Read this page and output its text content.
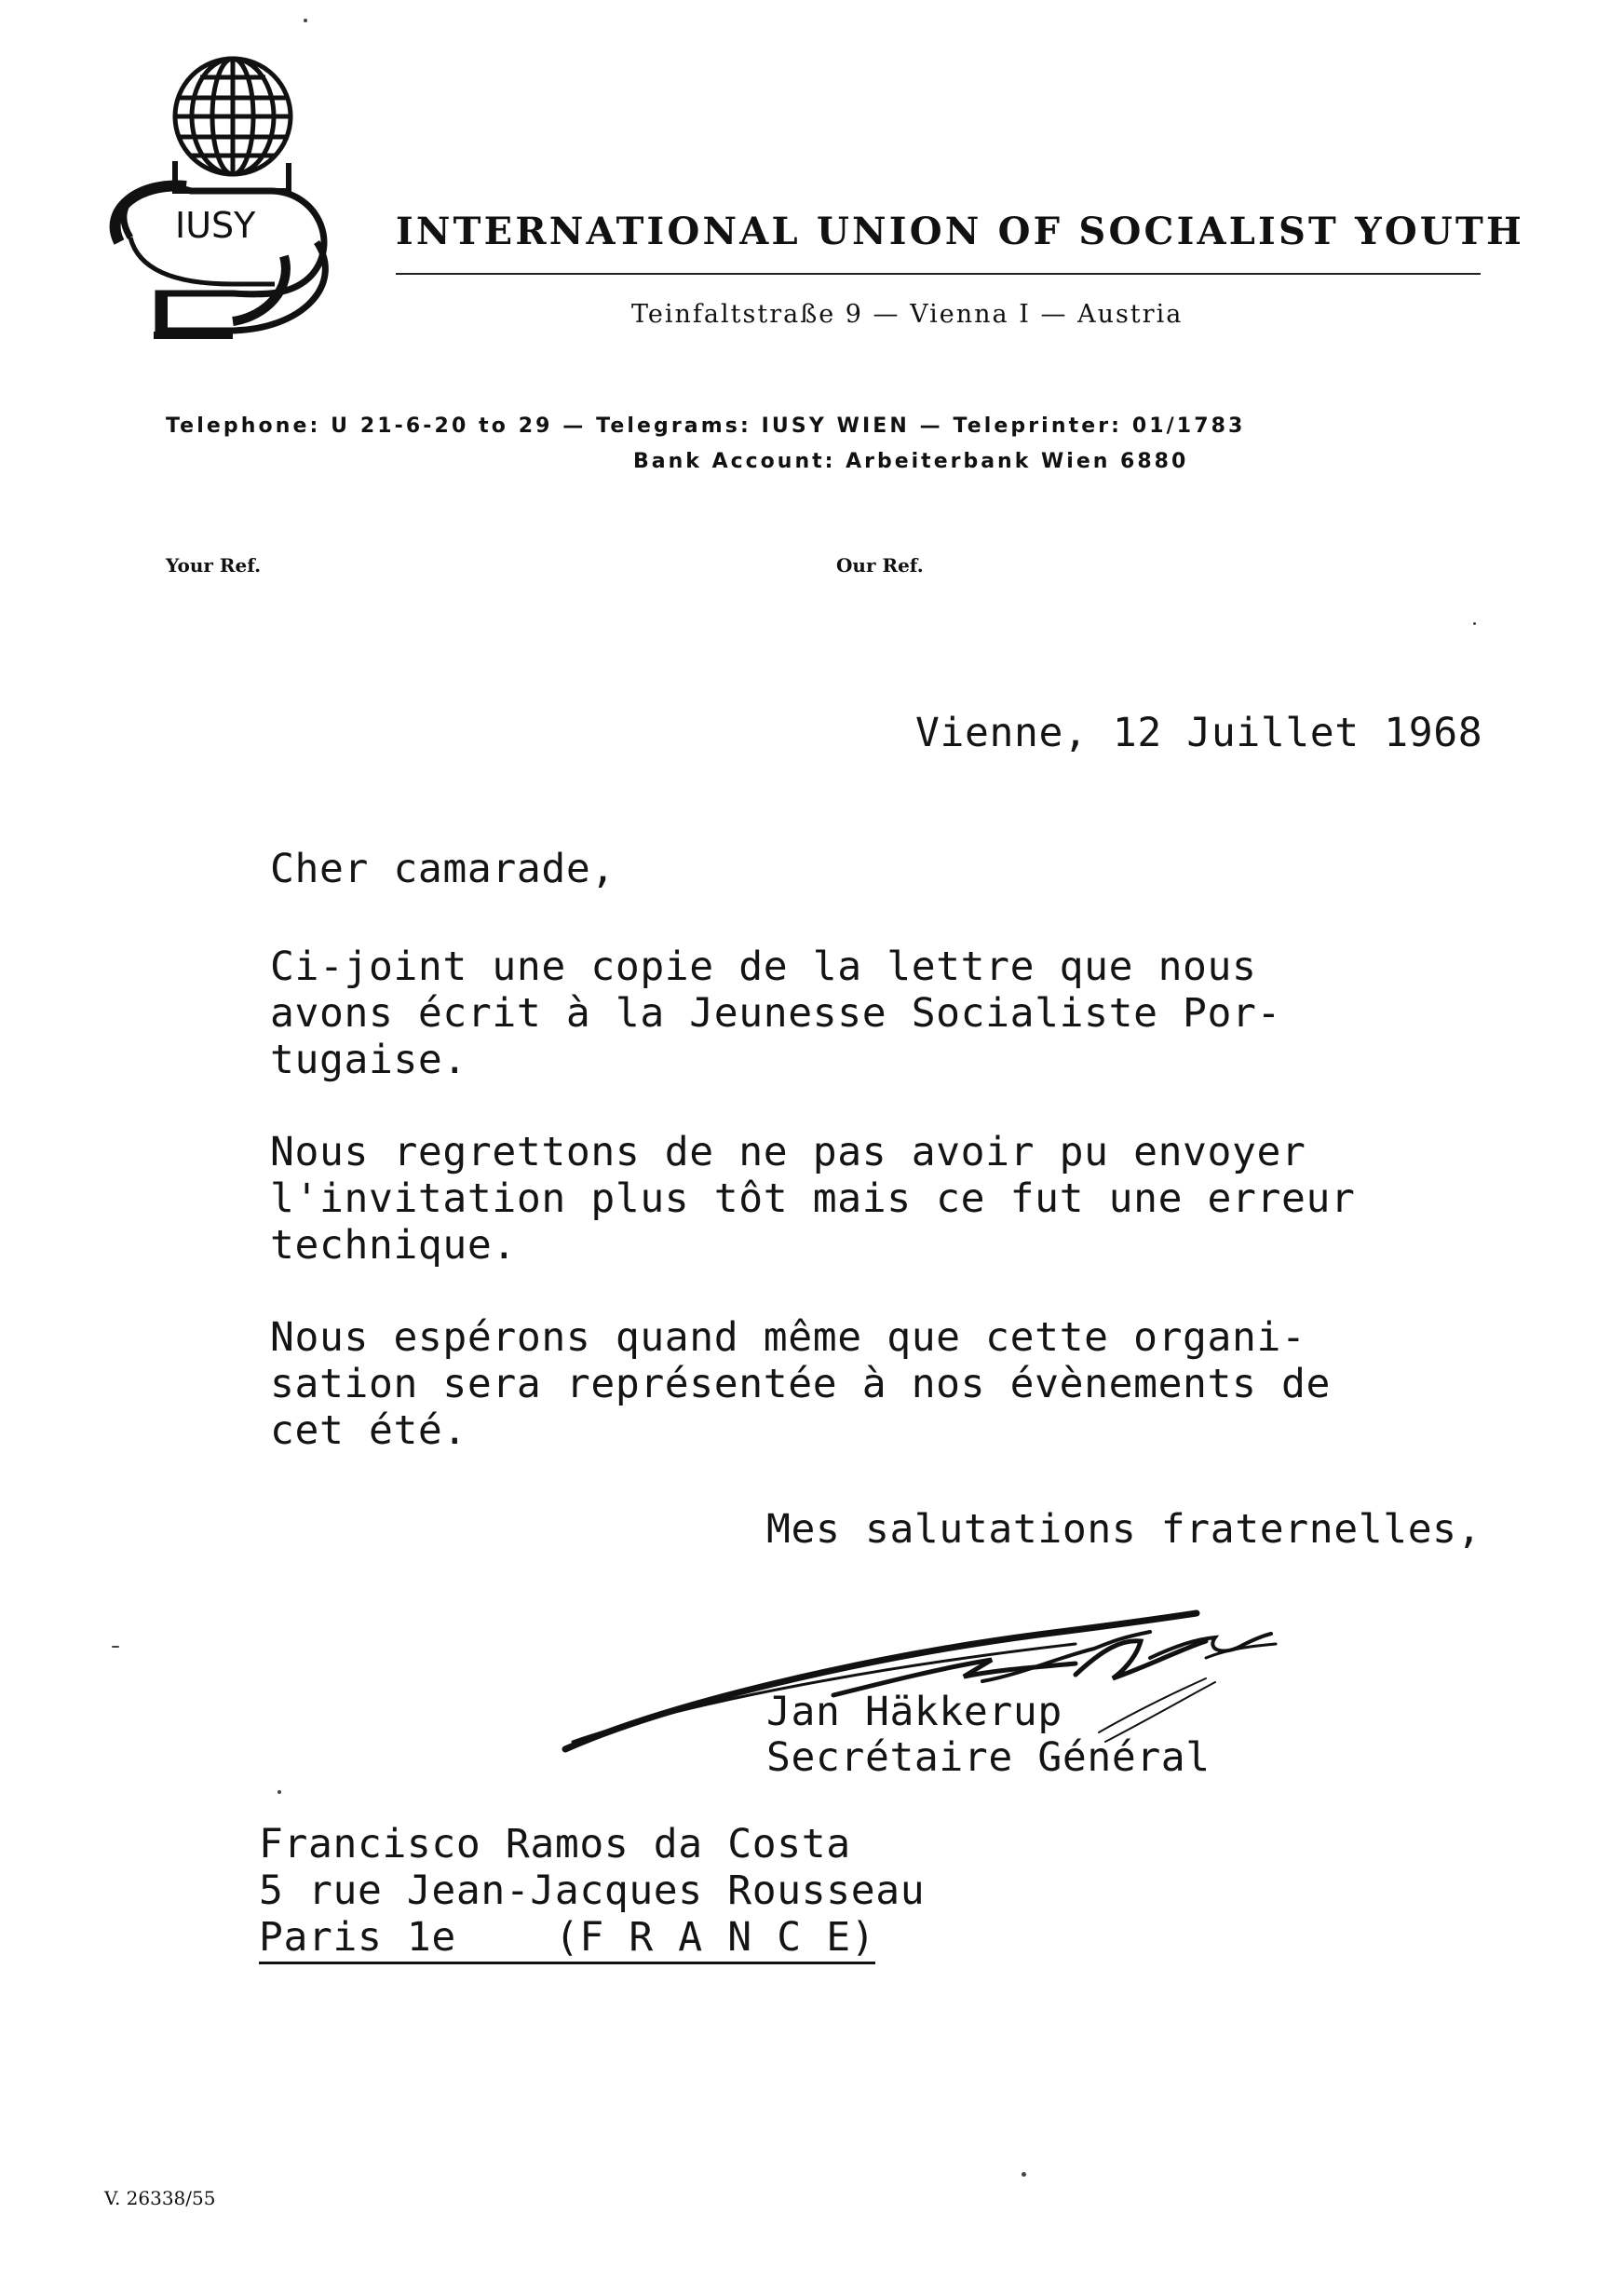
IUSY	INTERNATIONAL UNION OF SOCIALIST YOUTH
Teinfaltstraße 9 — Vienna I — Austria
Telephone: U 21-6-20 to 29 — Telegrams: IUSY WIEN — Teleprinter: 01/1783
Bank Account: Arbeiterbank Wien 6880
Your Ref.	Our Ref.
Vienne, 12 Juillet 1968
Cher camarade,
Ci-joint une copie de la lettre que nous
avons écrit à la Jeunesse Socialiste Por-
tugaise.
Nous regrettons de ne pas avoir pu envoyer
l'invitation plus tôt mais ce fut une erreur
technique.
Nous espérons quand même que cette organi-
sation sera représentée à nos évènements de
cet été.
Mes salutations fraternelles,
Jan Häkkerup
Secrétaire Général
Francisco Ramos da Costa
5 rue Jean-Jacques Rousseau
Paris 1e    (F R A N C E)
V. 26338/55
